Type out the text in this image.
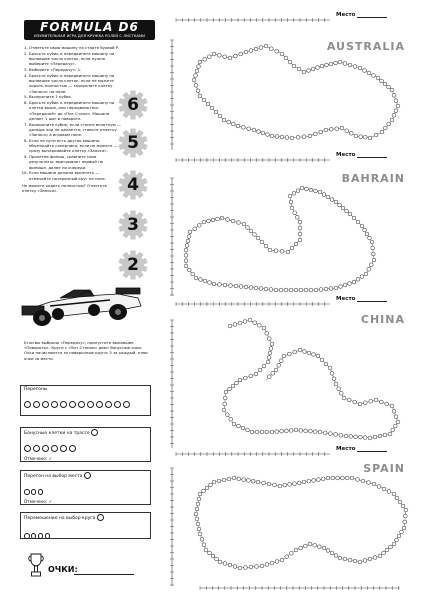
FORMULA D6
ИЗУМИТЕЛЬНАЯ ИГРА ДЛЯ КРУЖКА РОЛЕЙ С ЛИСТКАМИ
1. Отметьте свою машину на старте буквой P.
2. Бросьте кубик и передвиньте машину на выпавшее число клеток, если нужно выберите «Передачу».
3. Выберите «Передачу»: 1.
4. Бросьте кубик и передвиньте машину на выпавшее число клеток, если не можете ходить полностью — зачеркните клетку «Заноса» на поле.
5. Вычеркните 1 кубик.
6. Бросьте кубик и передвиньте машину на клетки выше, или передвиньтесь «Передачей» до «Пит-Стопа». Машина делает 1 шаг в повороте.
7. Вычеркните кубик; если стоите вплотную — дальше ход не делается; ставьте отметку «Заноса» в игровом поле.
8. Если на пути есть другая машина, объезжайте соперника; если не можете — сразу вычёркивайте клетку «Заноса».
9. Пролетев финиш, сравните свои результаты: выигрывает первый на финише, далее по очереди.
10. Если машина должна вылететь — отмечайте потерянный круг на поле.
Не можете ходить полностью? Отметьте клетку «Заноса».
6
5
4
3
2
Если вы выбрали «Передачу», пропустите выпавшие «Повороты». Круги с «Пит-Стопом» дают бонусные очки. Очки начисляются за поверочные круги: 5 за каждый, плюс очки за место.
Перегоны
Бонусные клетки на трассе
Отмечено: ✓
Перегон на выбор места
Отмечено: ✓
Перемешение на выбор круга
ОЧКИ:
Место
AUSTRALIA
Место
BAHRAIN
Место
CHINA
Место
SPAIN
